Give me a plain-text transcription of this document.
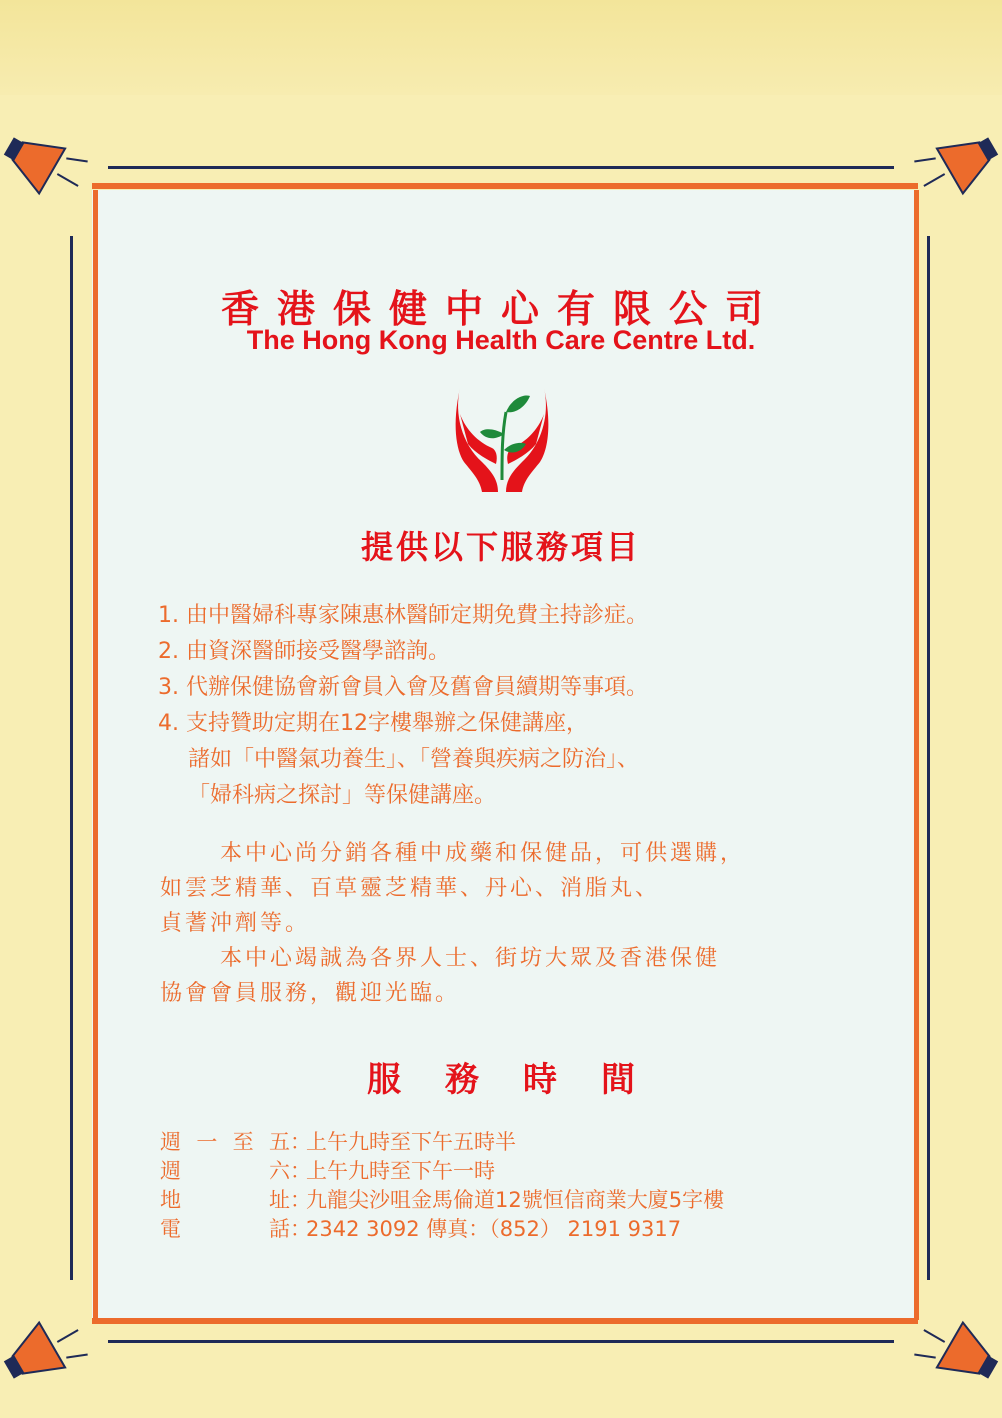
香港保健中心有限公司
The Hong Kong Health Care Centre Ltd.
提供以下服務項目
1. 由中醫婦科專家陳惠林醫師定期免費主持診症。
2. 由資深醫師接受醫學諮詢。
3. 代辦保健協會新會員入會及舊會員續期等事項。
4. 支持贊助定期在12字樓舉辦之保健講座，
諸如「中醫氣功養生」、「營養與疾病之防治」、
「婦科病之探討」等保健講座。

本中心尚分銷各種中成藥和保健品，可供選購，
如雲芝精華、百草靈芝精華、丹心、消脂丸、
貞蓍沖劑等。

本中心竭誠為各界人士、街坊大眾及香港保健
協會會員服務，觀迎光臨。

服務時間
週一至五 ：
上午九時至下午五時半
週六 ：
上午九時至下午一時
地址 ：
九龍尖沙咀金馬倫道12號恒信商業大廈5字樓
電話 ：
2342 3092 傳真：（852） 2191 9317
